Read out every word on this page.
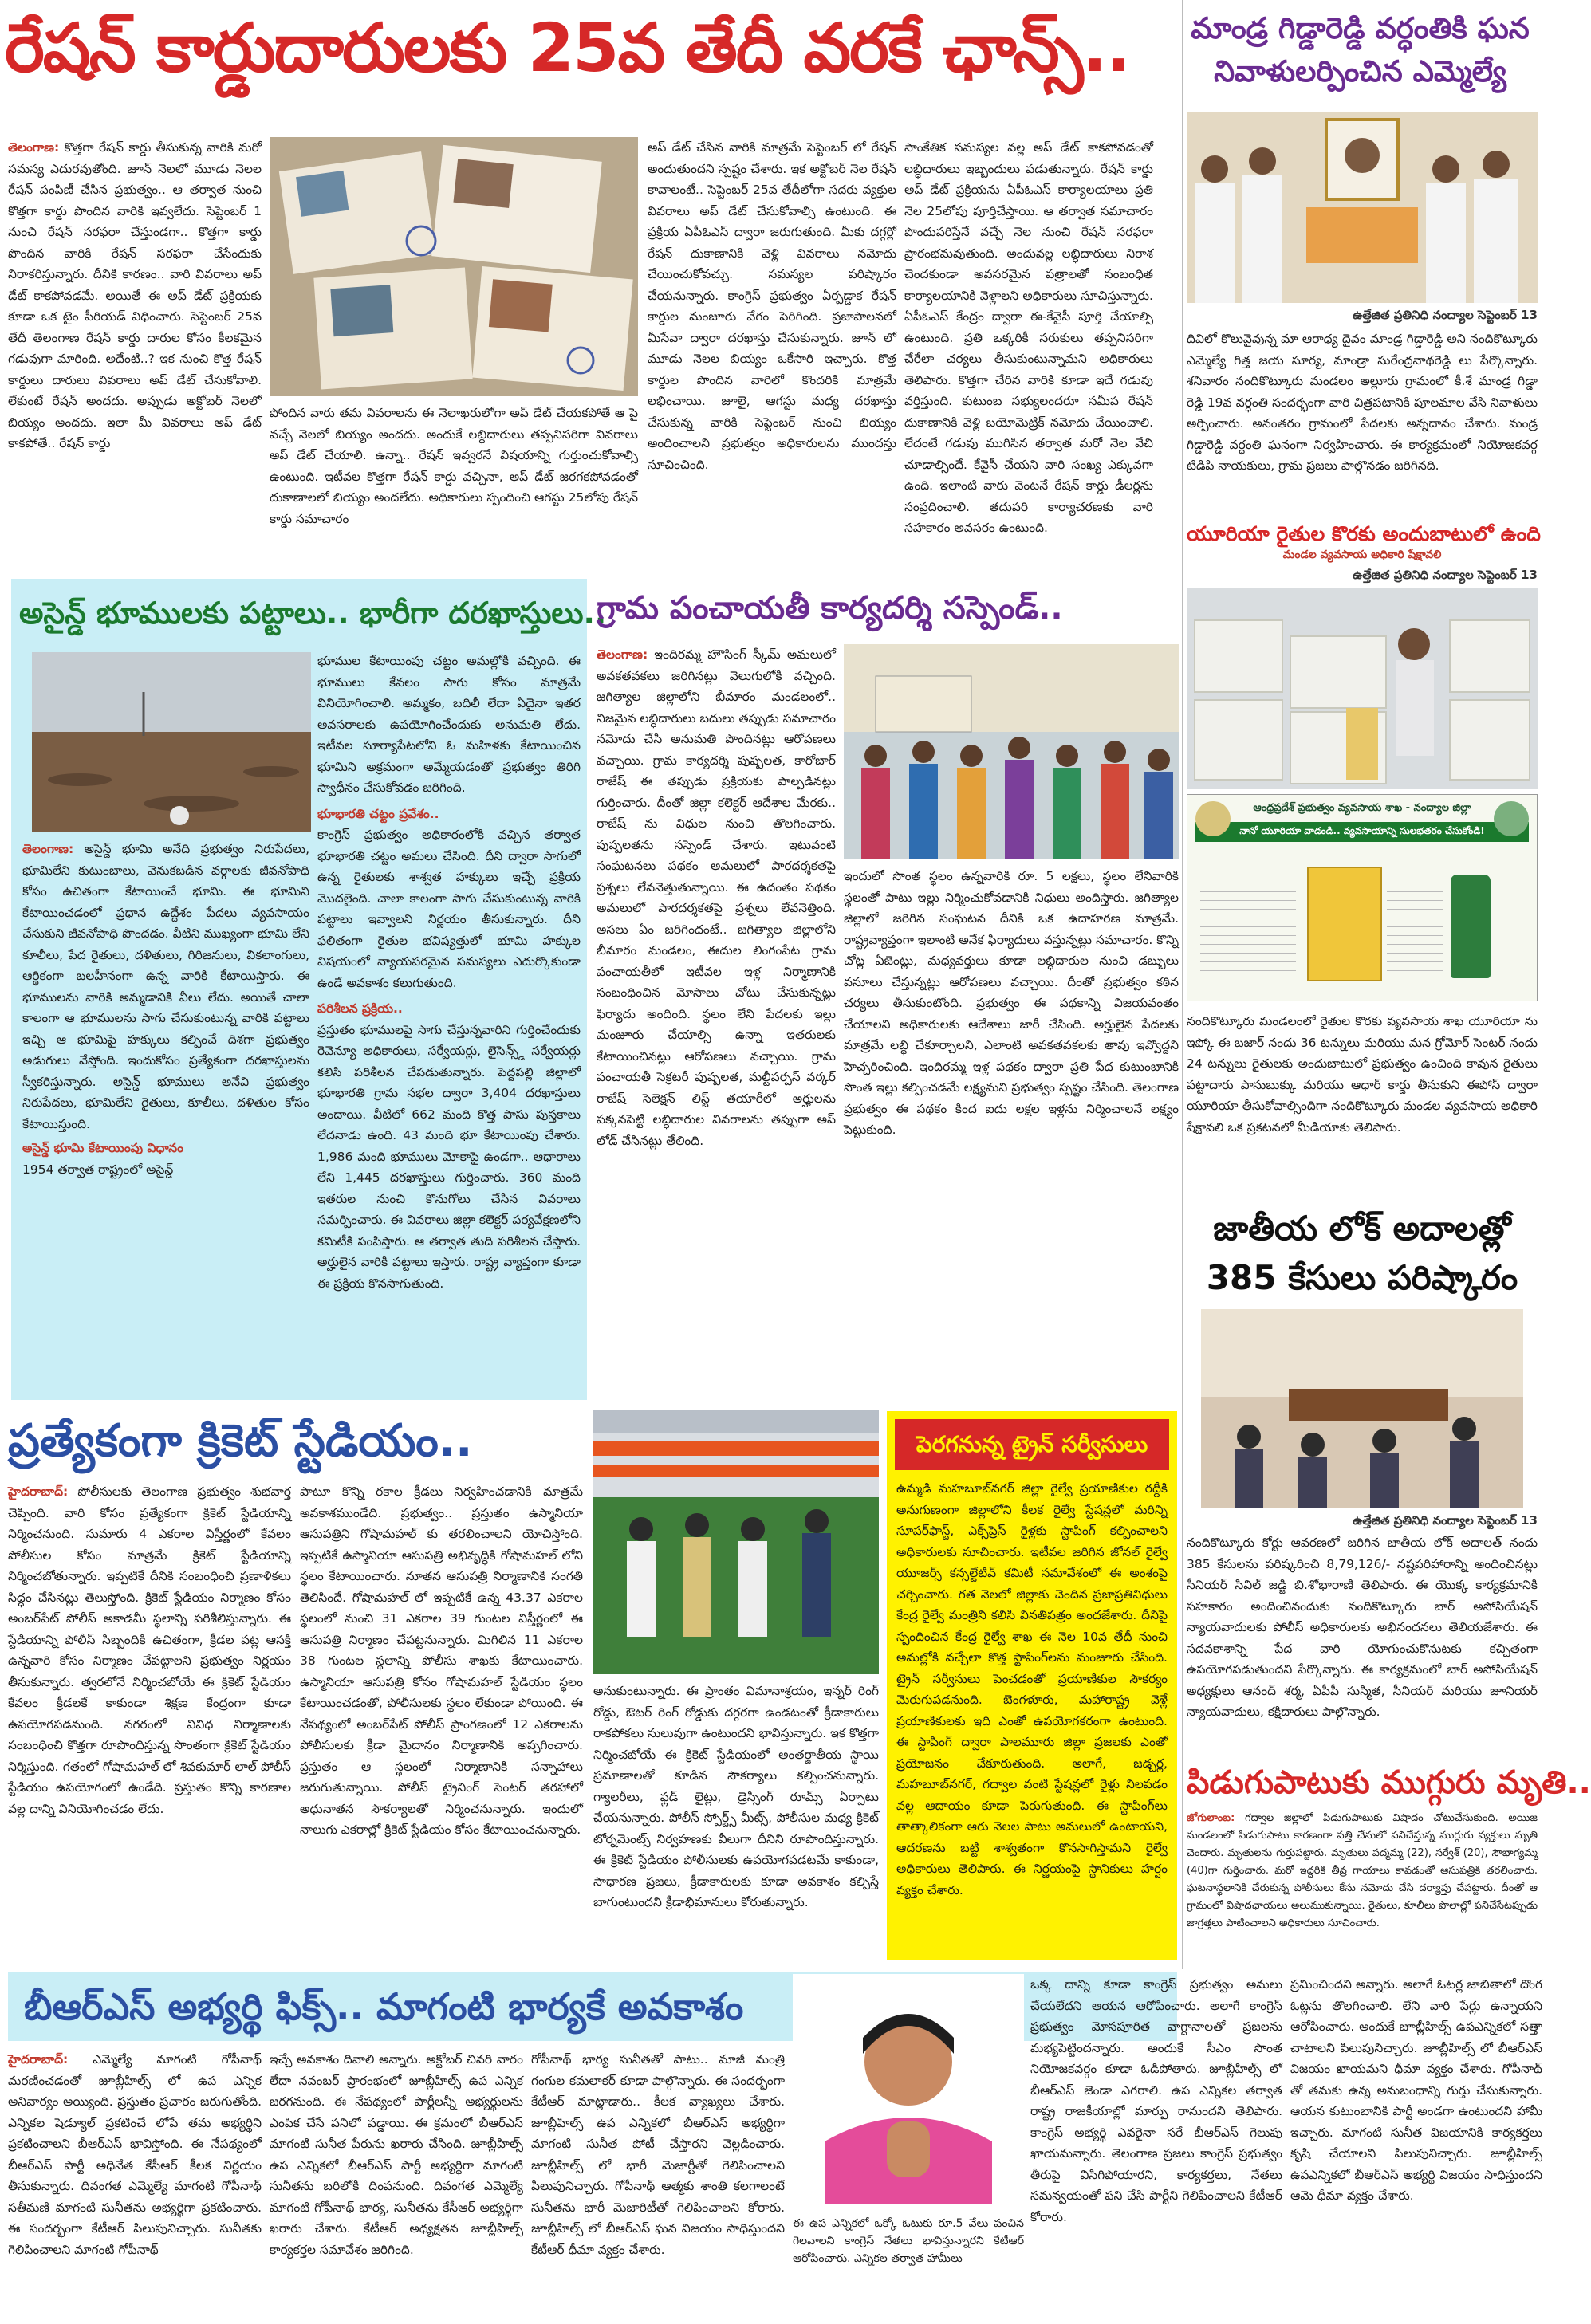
రేషన్ కార్డుదారులకు 25వ తేదీ వరకే ఛాన్స్..
తెలంగాణ: కొత్తగా రేషన్ కార్డు తీసుకున్న వారికి మరో సమస్య ఎదురవుతోంది. జూన్ నెలలో మూడు నెలల రేషన్ పంపిణీ చేసిన ప్రభుత్వం.. ఆ తర్వాత నుంచి కొత్తగా కార్డు పొందిన వారికి ఇవ్వలేదు. సెప్టెంబర్ 1 నుంచి రేషన్ సరఫరా చేస్తుండగా.. కొత్తగా కార్డు పొందిన వారికి రేషన్ సరఫరా చేసేందుకు నిరాకరిస్తున్నారు. దీనికి కారణం.. వారి వివరాలు అప్ డేట్ కాకపోవడమే. అయితే ఈ అప్ డేట్ ప్రక్రియకు కూడా ఒక టైం పీరియడ్ విధించారు. సెప్టెంబర్ 25వ తేదీ తెలంగాణ రేషన్ కార్డు దారుల కోసం కీలకమైన గడువుగా మారింది. అదేంటి..? ఇక నుంచి కొత్త రేషన్ కార్డులు దారులు వివరాలు అప్ డేట్ చేసుకోవాలి. లేకుంటే రేషన్ అందదు. అప్పుడు అక్టోబర్ నెలలో బియ్యం అందదు. ఇలా మీ వివరాలు అప్ డేట్ కాకపోతే.. రేషన్ కార్డు
పోందిన వారు తమ వివరాలను ఈ నెలాఖరులోగా అప్ డేట్ చేయకపోతే ఆ పై వచ్చే నెలలో బియ్యం అందదు. అందుకే లబ్ధిదారులు తప్పనిసరిగా వివరాలు అప్ డేట్ చేయాలి. ఉన్నా.. రేషన్ ఇవ్వరనే విషయాన్ని గుర్తుంచుకోవాల్సి ఉంటుంది. ఇటీవల కొత్తగా రేషన్ కార్డు వచ్చినా, అప్ డేట్ జరగకపోవడంతో దుకాణాలలో బియ్యం అందలేదు. అధికారులు స్పందించి ఆగస్టు 25లోపు రేషన్ కార్డు సమాచారం
అప్ డేట్ చేసిన వారికి మాత్రమే సెప్టెంబర్ లో రేషన్ అందుతుందని స్పష్టం చేశారు. ఇక అక్టోబర్ నెల రేషన్ కావాలంటే.. సెప్టెంబర్ 25వ తేదీలోగా సదరు వ్యక్తుల వివరాలు అప్ డేట్ చేసుకోవాల్సి ఉంటుంది. ఈ ప్రక్రియ ఏపీఓఎస్ ద్వారా జరుగుతుంది. మీకు దగ్గర్లో రేషన్ దుకాణానికి వెళ్లి వివరాలు నమోదు చేయించుకోవచ్చు. సమస్యల పరిష్కారం చేయనున్నారు. కాంగ్రెస్ ప్రభుత్వం ఏర్పడ్డాక రేషన్ కార్డుల మంజూరు వేగం పెరిగింది. ప్రజాపాలనలో మీసేవా ద్వారా దరఖాస్తు చేసుకున్నారు. జూన్ లో మూడు నెలల బియ్యం ఒకేసారి ఇచ్చారు. కొత్త కార్డుల పొందిన వారిలో కొందరికి మాత్రమే లభించాయి. జూలై, ఆగస్టు మధ్య దరఖాస్తు చేసుకున్న వారికి సెప్టెంబర్ నుంచి బియ్యం అందించాలని ప్రభుత్వం అధికారులను ముందస్తు సూచించింది.
సాంకేతిక సమస్యల వల్ల అప్ డేట్ కాకపోవడంతో లబ్ధిదారులు ఇబ్బందులు పడుతున్నారు. రేషన్ కార్డు అప్ డేట్ ప్రక్రియను ఏపీఓఎస్ కార్యాలయాలు ప్రతి నెల 25లోపు పూర్తిచేస్తాయి. ఆ తర్వాత సమాచారం పొందుపరిస్తేనే వచ్చే నెల నుంచి రేషన్ సరఫరా ప్రారంభమవుతుంది. అందువల్ల లబ్ధిదారులు నిరాశ చెందకుండా అవసరమైన పత్రాలతో సంబంధిత కార్యాలయానికి వెళ్లాలని అధికారులు సూచిస్తున్నారు. ఏపీఓఎస్ కేంద్రం ద్వారా ఈ-కేవైసీ పూర్తి చేయాల్సి ఉంటుంది. ప్రతి ఒక్కరికీ సరుకులు తప్పనిసరిగా చేరేలా చర్యలు తీసుకుంటున్నామని అధికారులు తెలిపారు. కొత్తగా చేరిన వారికి కూడా ఇదే గడువు వర్తిస్తుంది. కుటుంబ సభ్యులందరూ సమీప రేషన్ దుకాణానికి వెళ్లి బయోమెట్రిక్ నమోదు చేయించాలి. లేదంటే గడువు ముగిసిన తర్వాత మరో నెల వేచి చూడాల్సిందే. కేవైసీ చేయని వారి సంఖ్య ఎక్కువగా ఉంది. ఇలాంటి వారు వెంటనే రేషన్ కార్డు డీలర్లను సంప్రదించాలి. తదుపరి కార్యాచరణకు వారి సహకారం అవసరం ఉంటుంది.
మాండ్ర గిడ్డారెడ్డి వర్ధంతికి ఘన
నివాళులర్పించిన ఎమ్మెల్యే
ఉత్తేజిత ప్రతినిధి నంద్యాల సెప్టెంబర్ 13
దివిలో కొలువైవున్న మా ఆరాధ్య దైవం మాండ్ర గిడ్డారెడ్డి అని నందికొట్కూరు ఎమ్మెల్యే గిత్త జయ సూర్య, మాండ్రా సురేంద్రనాథరెడ్డి లు పేర్కొన్నారు. శనివారం నందికొట్కూరు మండలం అల్లూరు గ్రామంలో కీ.శే మాండ్ర గిడ్డా రెడ్డి 19వ వర్ధంతి సందర్భంగా వారి చిత్రపటానికి పూలమాల వేసి నివాళులు అర్పించారు. అనంతరం గ్రామంలో పేదలకు అన్నదానం చేశారు. మండ్ర గిడ్డారెడ్డి వర్ధంతి ఘనంగా నిర్వహించారు. ఈ కార్యక్రమంలో నియోజకవర్గ టిడిపి నాయకులు, గ్రామ ప్రజలు పాల్గొనడం జరిగినది.
యూరియా రైతుల కొరకు అందుబాటులో ఉంది
మండల వ్యవసాయ అధికారి షేక్షావలి
ఉత్తేజిత ప్రతినిధి నంద్యాల సెప్టెంబర్ 13
ఆంధ్రప్రదేశ్ ప్రభుత్వం వ్యవసాయ శాఖ - నంద్యాల జిల్లా
నానో యూరియా వాడండి.. వ్యవసాయాన్ని సులభతరం చేసుకోండి!
నందికొట్కూరు మండలంలో రైతుల కొరకు వ్యవసాయ శాఖ యూరియా ను ఇఫ్కో ఈ బజార్ నందు 36 టన్నులు మరియు మన గ్రోమోర్ సెంటర్ నందు 24 టన్నులు రైతులకు అందుబాటులో ప్రభుత్వం ఉంచింది కావున రైతులు పట్టాదారు పాసుబుక్కు మరియు ఆధార్ కార్డు తీసుకుని ఈపోస్ ద్వారా యూరియా తీసుకోవాల్సిందిగా నందికొట్కూరు మండల వ్యవసాయ అధికారి షేక్షావలి ఒక ప్రకటనలో మీడియాకు తెలిపారు.
జాతీయ లోక్ అదాలత్లో
385 కేసులు పరిష్కారం
ఉత్తేజిత ప్రతినిధి నంద్యాల సెప్టెంబర్ 13
నందికొట్కూరు కోర్టు ఆవరణలో జరిగిన జాతీయ లోక్ అదాలత్ నందు 385 కేసులను పరిష్కరించి 8,79,126/- నష్టపరిహారాన్ని అందించినట్లు సీనియర్ సివిల్ జడ్జి బి.శోభారాణి తెలిపారు. ఈ యొక్క కార్యక్రమానికి సహకారం అందించినందుకు నందికొట్కూరు బార్ అసోసియేషన్ న్యాయవాదులకు పోలీస్ అధికారులకు అభినందనలు తెలియజేశారు. ఈ సదవకాశాన్ని పేద వారి యోగుంచుకొనుటకు కచ్చితంగా ఉపయోగపడుతుందని పేర్కొన్నారు. ఈ కార్యక్రమంలో బార్ అసోసియేషన్ అధ్యక్షులు ఆనంద్ శర్మ, ఏపీపీ సుస్మిత, సీనియర్ మరియు జూనియర్ న్యాయవాదులు, కక్షిదారులు పాల్గొన్నారు.
పిడుగుపాటుకు ముగ్గురు మృతి..
జోగులాంబ: గద్వాల జిల్లాలో పిడుగుపాటుకు విషాదం చోటుచేసుకుంది. అయిజ మండలంలో పిడుగుపాటు కారణంగా పత్తి చేనులో పనిచేస్తున్న ముగ్గురు వ్యక్తులు మృతి చెందారు. మృతులను గుర్తుపట్టారు. మృతులు పద్మమ్మ (22), సర్వేశ్ (20), సౌభాగ్యమ్మ (40)గా గుర్తించారు. మరో ఇద్దరికి తీవ్ర గాయాలు కావడంతో ఆసుపత్రికి తరలించారు. ఘటనాస్థలానికి చేరుకున్న పోలీసులు కేసు నమోదు చేసి దర్యాప్తు చేపట్టారు. దీంతో ఆ గ్రామంలో విషాదఛాయలు అలుముకున్నాయి. రైతులు, కూలీలు పొలాల్లో పనిచేసేటప్పుడు జాగ్రత్తలు పాటించాలని అధికారులు సూచించారు.
అసైన్డ్ భూములకు పట్టాలు.. భారీగా దరఖాస్తులు..
తెలంగాణ: అసైన్డ్ భూమి అనేది ప్రభుత్వం నిరుపేదలు, భూమిలేని కుటుంబాలు, వెనుకబడిన వర్గాలకు జీవనోపాధి కోసం ఉచితంగా కేటాయించే భూమి. ఈ భూమిని కేటాయించడంలో ప్రధాన ఉద్దేశం పేదలు వ్యవసాయం చేసుకుని జీవనోపాధి పొందడం. వీటిని ముఖ్యంగా భూమి లేని కూలీలు, పేద రైతులు, దళితులు, గిరిజనులు, వికలాంగులు, ఆర్థికంగా బలహీనంగా ఉన్న వారికి కేటాయిస్తారు. ఈ భూములను వారికి అమ్మడానికి వీలు లేదు. అయితే చాలా కాలంగా ఆ భూములను సాగు చేసుకుంటున్న వారికి పట్టాలు ఇచ్చి ఆ భూమిపై హక్కులు కల్పించే దిశగా ప్రభుత్వం అడుగులు వేస్తోంది. ఇందుకోసం ప్రత్యేకంగా దరఖాస్తులను స్వీకరిస్తున్నారు. అసైన్డ్ భూములు అనేవి ప్రభుత్వం నిరుపేదలు, భూమిలేని రైతులు, కూలీలు, దళితుల కోసం కేటాయిస్తుంది.
అసైన్డ్ భూమి కేటాయింపు విధానం
1954 తర్వాత రాష్ట్రంలో అసైన్డ్

భూముల కేటాయింపు చట్టం అమల్లోకి వచ్చింది. ఈ భూములు కేవలం సాగు కోసం మాత్రమే వినియోగించాలి. అమ్మకం, బదిలీ లేదా ఏదైనా ఇతర అవసరాలకు ఉపయోగించేందుకు అనుమతి లేదు. ఇటీవల సూర్యాపేటలోని ఓ మహిళకు కేటాయించిన భూమిని అక్రమంగా అమ్మేయడంతో ప్రభుత్వం తిరిగి స్వాధీనం చేసుకోవడం జరిగింది.

భూభారతి చట్టం ప్రవేశం..

కాంగ్రెస్ ప్రభుత్వం అధికారంలోకి వచ్చిన తర్వాత భూభారతి చట్టం అమలు చేసింది. దీని ద్వారా సాగులో ఉన్న రైతులకు శాశ్వత హక్కులు ఇచ్చే ప్రక్రియ మొదలైంది. చాలా కాలంగా సాగు చేసుకుంటున్న వారికి పట్టాలు ఇవ్వాలని నిర్ణయం తీసుకున్నారు. దీని ఫలితంగా రైతుల భవిష్యత్తులో భూమి హక్కుల విషయంలో న్యాయపరమైన సమస్యలు ఎదుర్కొకుండా ఉండే అవకాశం కలుగుతుంది.

పరిశీలన ప్రక్రియ..

ప్రస్తుతం భూములపై సాగు చేస్తున్నవారిని గుర్తించేందుకు రెవెన్యూ అధికారులు, సర్వేయర్లు, లైసెన్స్డ్ సర్వేయర్లు కలిసి పరిశీలన చేపడుతున్నారు. పెద్దపల్లి జిల్లాలో భూభారతి గ్రామ సభల ద్వారా 3,404 దరఖాస్తులు అందాయి. వీటిలో 662 మంది కొత్త పాసు పుస్తకాలు లేదనాడు ఉంది. 43 మంది భూ కేటాయింపు చేశారు. 1,986 మంది భూములు మోకాపై ఉండగా.. ఆధారాలు లేని 1,445 దరఖాస్తులు గుర్తించారు. 360 మంది ఇతరుల నుంచి కొనుగోలు చేసిన వివరాలు సమర్పించారు. ఈ వివరాలు జిల్లా కలెక్టర్ పర్యవేక్షణలోని కమిటీకి పంపిస్తారు. ఆ తర్వాత తుది పరిశీలన చేస్తారు. అర్హులైన వారికి పట్టాలు ఇస్తారు. రాష్ట్ర వ్యాప్తంగా కూడా ఈ ప్రక్రియ కొనసాగుతుంది.

గ్రామ పంచాయతీ కార్యదర్శి సస్పెండ్..
తెలంగాణ: ఇందిరమ్మ హౌసింగ్ స్కీమ్ అమలులో అవకతవకలు జరిగినట్లు వెలుగులోకి వచ్చింది. జగిత్యాల జిల్లాలోని బీమారం మండలంలో.. నిజమైన లబ్ధిదారులు బదులు తప్పుడు సమాచారం నమోదు చేసి అనుమతి పొందినట్లు ఆరోపణలు వచ్చాయి. గ్రామ కార్యదర్శి పుష్పలత, కారోబార్ రాజేష్ ఈ తప్పుడు ప్రక్రియకు పాల్పడినట్లు గుర్తించారు. దీంతో జిల్లా కలెక్టర్ ఆదేశాల మేరకు.. రాజేష్ ను విధుల నుంచి తొలగించారు. పుష్పలతను సస్పెండ్ చేశారు. ఇటువంటి సంఘటనలు పథకం అమలులో పారదర్శకతపై ప్రశ్నలు లేవనెత్తుతున్నాయి. ఈ ఉదంతం పథకం అమలులో పారదర్శకతపై ప్రశ్నలు లేవనెత్తింది. అసలు ఏం జరిగిందంటే.. జగిత్యాల జిల్లాలోని బీమారం మండలం, ఈదుల లింగంపేట గ్రామ పంచాయతీలో ఇటీవల ఇళ్ల నిర్మాణానికి సంబంధించిన మోసాలు చోటు చేసుకున్నట్లు ఫిర్యాదు అందింది. స్థలం లేని పేదలకు ఇల్లు మంజూరు చేయాల్సి ఉన్నా ఇతరులకు కేటాయించినట్లు ఆరోపణలు వచ్చాయి. గ్రామ పంచాయతీ సెక్రటరీ పుష్పలత, మల్టీపర్పస్ వర్కర్ రాజేష్ సెలెక్షన్ లిస్ట్ తయారీలో అర్హులను పక్కనపెట్టి లబ్ధిదారుల వివరాలను తప్పుగా అప్ లోడ్ చేసినట్లు తేలింది.
ఇందులో సొంత స్థలం ఉన్నవారికి రూ. 5 లక్షలు, స్థలం లేనివారికి స్థలంతో పాటు ఇల్లు నిర్మించుకోవడానికి నిధులు అందిస్తారు. జగిత్యాల జిల్లాలో జరిగిన సంఘటన దీనికి ఒక ఉదాహరణ మాత్రమే. రాష్ట్రవ్యాప్తంగా ఇలాంటి అనేక ఫిర్యాదులు వస్తున్నట్లు సమాచారం. కొన్ని చోట్ల ఏజెంట్లు, మధ్యవర్తులు కూడా లబ్ధిదారుల నుంచి డబ్బులు వసూలు చేస్తున్నట్లు ఆరోపణలు వచ్చాయి. దీంతో ప్రభుత్వం కఠిన చర్యలు తీసుకుంటోంది. ప్రభుత్వం ఈ పథకాన్ని విజయవంతం చేయాలని అధికారులకు ఆదేశాలు జారీ చేసింది. అర్హులైన పేదలకు మాత్రమే లబ్ధి చేకూర్చాలని, ఎలాంటి అవకతవకలకు తావు ఇవ్వొద్దని హెచ్చరించింది. ఇందిరమ్మ ఇళ్ల పథకం ద్వారా ప్రతి పేద కుటుంబానికి సొంత ఇల్లు కల్పించడమే లక్ష్యమని ప్రభుత్వం స్పష్టం చేసింది. తెలంగాణ ప్రభుత్వం ఈ పథకం కింద ఐదు లక్షల ఇళ్లను నిర్మించాలనే లక్ష్యం పెట్టుకుంది.
ప్రత్యేకంగా క్రికెట్ స్టేడియం..
హైదరాబాద్: పోలీసులకు తెలంగాణ ప్రభుత్వం శుభవార్త చెప్పింది. వారి కోసం ప్రత్యేకంగా క్రికెట్ స్టేడియాన్ని నిర్మించనుంది. సుమారు 4 ఎకరాల విస్తీర్ణంలో కేవలం పోలీసుల కోసం మాత్రమే క్రికెట్ స్టేడియాన్ని నిర్మించబోతున్నారు. ఇప్పటికే దీనికి సంబంధించి ప్రణాళికలు సిద్ధం చేసినట్లు తెలుస్తోంది. క్రికెట్ స్టేడియం నిర్మాణం కోసం అంబర్‌పేట్ పోలీస్ అకాడమీ స్థలాన్ని పరిశీలిస్తున్నారు. ఈ స్టేడియాన్ని పోలీస్ సిబ్బందికి ఉచితంగా, క్రీడల పట్ల ఆసక్తి ఉన్నవారి కోసం నిర్మాణం చేపట్టాలని ప్రభుత్వం నిర్ణయం తీసుకున్నారు. త్వరలోనే నిర్మించబోయే ఈ క్రికెట్ స్టేడియం కేవలం క్రీడలకే కాకుండా శిక్షణ కేంద్రంగా కూడా ఉపయోగపడనుంది. నగరంలో వివిధ నిర్మాణాలకు సంబంధించి కొత్తగా రూపొందిస్తున్న సొంతంగా క్రికెట్ స్టేడియం నిర్మిస్తుంది. గతంలో గోషామహల్ లో శివకుమార్ లాల్ పోలీస్ స్టేడియం ఉపయోగంలో ఉండేది. ప్రస్తుతం కొన్ని కారణాల వల్ల దాన్ని వినియోగించడం లేదు.
పాటూ కొన్ని రకాల క్రీడలు నిర్వహించడానికి మాత్రమే అవకాశముండేది. ప్రభుత్వం.. ప్రస్తుతం ఉస్మానియా ఆసుపత్రిని గోషామహల్ కు తరలించాలని యోచిస్తోంది. ఇప్పటికే ఉస్మానియా ఆసుపత్రి అభివృద్ధికి గోషామహల్ లోని స్థలం కేటాయించారు. నూతన ఆసుపత్రి నిర్మాణానికి సంగతి తెలిసిందే. గోషామహల్ లో ఇప్పటికే ఉన్న 43.37 ఎకరాల స్థలంలో నుంచి 31 ఎకరాల 39 గుంటల విస్తీర్ణంలో ఈ ఆసుపత్రి నిర్మాణం చేపట్టనున్నారు. మిగిలిన 11 ఎకరాల 38 గుంటల స్థలాన్ని పోలీసు శాఖకు కేటాయించారు. ఉస్మానియా ఆసుపత్రి కోసం గోషామహల్ స్టేడియం స్థలం కేటాయించడంతో, పోలీసులకు స్థలం లేకుండా పోయింది. ఈ నేపథ్యంలో అంబర్‌పేట్ పోలీస్ ప్రాంగణంలో 12 ఎకరాలను పోలీసులకు క్రీడా మైదానం నిర్మాణానికి అప్పగించారు. ప్రస్తుతం ఆ స్థలంలో నిర్మాణానికి సన్నాహాలు జరుగుతున్నాయి. పోలీస్ ట్రైనింగ్ సెంటర్ తరహాలో అధునాతన సౌకర్యాలతో నిర్మించనున్నారు. ఇందులో నాలుగు ఎకరాల్లో క్రికెట్ స్టేడియం కోసం కేటాయించనున్నారు.
అనుకుంటున్నారు. ఈ ప్రాంతం విమానాశ్రయం, ఇన్నర్ రింగ్ రోడ్డు, ఔటర్ రింగ్ రోడ్డుకు దగ్గరగా ఉండటంతో క్రీడాకారులు రాకపోకలు సులువుగా ఉంటుందని భావిస్తున్నారు. ఇక కొత్తగా నిర్మించబోయే ఈ క్రికెట్ స్టేడియంలో అంతర్జాతీయ స్థాయి ప్రమాణాలతో కూడిన సౌకర్యాలు కల్పించనున్నారు. గ్యాలరీలు, ఫ్లడ్ లైట్లు, డ్రెస్సింగ్ రూమ్స్ ఏర్పాటు చేయనున్నారు. పోలీస్ స్పోర్ట్స్ మీట్స్, పోలీసుల మధ్య క్రికెట్ టోర్నమెంట్స్ నిర్వహణకు వీలుగా దీనిని రూపొందిస్తున్నారు. ఈ క్రికెట్ స్టేడియం పోలీసులకు ఉపయోగపడటమే కాకుండా, సాధారణ ప్రజలు, క్రీడాకారులకు కూడా అవకాశం కల్పిస్తే బాగుంటుందని క్రీడాభిమానులు కోరుతున్నారు.
పెరగనున్న ట్రైన్ సర్వీసులు
ఉమ్మడి మహబూబ్‌నగర్ జిల్లా రైల్వే ప్రయాణికుల రద్దీకి అనుగుణంగా జిల్లాలోని కీలక రైల్వే స్టేషన్లలో మరిన్ని సూపర్‌ఫాస్ట్, ఎక్స్‌ప్రెస్ రైళ్లకు స్టాపింగ్ కల్పించాలని అధికారులకు సూచించారు. ఇటీవల జరిగిన జోనల్ రైల్వే యూజర్స్ కన్సల్టేటివ్ కమిటీ సమావేశంలో ఈ అంశంపై చర్చించారు. గత నెలలో జిల్లాకు చెందిన ప్రజాప్రతినిధులు కేంద్ర రైల్వే మంత్రిని కలిసి వినతిపత్రం అందజేశారు. దీనిపై స్పందించిన కేంద్ర రైల్వే శాఖ ఈ నెల 10వ తేదీ నుంచి అమల్లోకి వచ్చేలా కొత్త స్టాపింగ్‌లను మంజూరు చేసింది. ట్రైన్ సర్వీసులు పెంచడంతో ప్రయాణికుల సౌకర్యం మెరుగుపడనుంది. బెంగళూరు, మహారాష్ట్ర వెళ్లే ప్రయాణికులకు ఇది ఎంతో ఉపయోగకరంగా ఉంటుంది. ఈ స్టాపింగ్ ద్వారా పాలమూరు జిల్లా ప్రజలకు ఎంతో ప్రయోజనం చేకూరుతుంది. అలాగే, జడ్చర్ల, మహబూబ్‌నగర్, గద్వాల వంటి స్టేషన్లలో రైళ్లు నిలపడం వల్ల ఆదాయం కూడా పెరుగుతుంది. ఈ స్టాపింగ్‌లు తాత్కాలికంగా ఆరు నెలల పాటు అమలులో ఉంటాయని, ఆదరణను బట్టి శాశ్వతంగా కొనసాగిస్తామని రైల్వే అధికారులు తెలిపారు. ఈ నిర్ణయంపై స్థానికులు హర్షం వ్యక్తం చేశారు.
బీఆర్ఎస్ అభ్యర్థి ఫిక్స్.. మాగంటి భార్యకే అవకాశం
హైదరాబాద్: ఎమ్మెల్యే మాగంటి గోపీనాథ్ మరణించడంతో జూబ్లీహిల్స్ లో ఉప ఎన్నిక అనివార్యం అయ్యింది. ప్రస్తుతం ప్రచారం జరుగుతోంది. ఎన్నికల షెడ్యూల్ ప్రకటించే లోపే తమ అభ్యర్థిని ప్రకటించాలని బీఆర్ఎస్ భావిస్తోంది. ఈ నేపథ్యంలో బీఆర్ఎస్ పార్టీ అధినేత కేసీఆర్ కీలక నిర్ణయం తీసుకున్నారు. దివంగత ఎమ్మెల్యే మాగంటి గోపీనాథ్ సతీమణి మాగంటి సునీతను అభ్యర్థిగా ప్రకటించారు. ఈ సందర్భంగా కేటీఆర్ పిలుపునిచ్చారు. సునీతకు గెలిపించాలని మాగంటి గోపీనాథ్
ఇచ్చే అవకాశం దివాలి అన్నారు. అక్టోబర్ చివరి వారం లేదా నవంబర్ ప్రారంభంలో జూబ్లీహిల్స్ ఉప ఎన్నిక జరగనుంది. ఈ నేపథ్యంలో పార్టీలన్నీ అభ్యర్థులను ఎంపిక చేసే పనిలో పడ్డాయి. ఈ క్రమంలో బీఆర్ఎస్ మాగంటి సునీత పేరును ఖరారు చేసింది. జూబ్లీహిల్స్ ఉప ఎన్నికలో బీఆర్ఎస్ పార్టీ అభ్యర్థిగా మాగంటి సునీతను బరిలోకి దింపనుంది. దివంగత ఎమ్మెల్యే మాగంటి గోపీనాథ్ భార్య, సునీతను కేసీఆర్ అభ్యర్థిగా ఖరారు చేశారు. కేటీఆర్ అధ్యక్షతన జూబ్లీహిల్స్ కార్యకర్తల సమావేశం జరిగింది.
గోపీనాథ్ భార్య సునీతతో పాటు.. మాజీ మంత్రి గంగుల కమలాకర్ కూడా పాల్గొన్నారు. ఈ సందర్భంగా కేటీఆర్ మాట్లాడారు.. కీలక వ్యాఖ్యలు చేశారు. జూబ్లీహిల్స్ ఉప ఎన్నికలో బీఆర్ఎస్ అభ్యర్థిగా మాగంటి సునీత పోటీ చేస్తారని వెల్లడించారు. జూబ్లీహిల్స్ లో భారీ మెజార్టీతో గెలిపించాలని పిలుపునిచ్చారు. గోపీనాథ్ ఆత్మకు శాంతి కలగాలంటే సునీతను భారీ మెజారిటీతో గెలిపించాలని కోరారు. జూబ్లీహిల్స్ లో బీఆర్ఎస్ ఘన విజయం సాధిస్తుందని కేటీఆర్ ధీమా వ్యక్తం చేశారు.
ఈ ఉప ఎన్నికలో ఒక్కో ఓటుకు రూ.5 వేలు పంచిన గెలవాలని కాంగ్రెస్ నేతలు భావిస్తున్నారని కేటీఆర్ ఆరోపించారు. ఎన్నికల తర్వాత హామీలు
ఒక్క దాన్ని కూడా కాంగ్రెస్ ప్రభుత్వం అమలు చేయలేదని ఆయన ఆరోపించారు. అలాగే కాంగ్రెస్ ప్రభుత్వం మోసపూరిత వాగ్దానాలతో ప్రజలను మభ్యపెట్టిందన్నారు. అందుకే సీఎం సొంత నియోజకవర్గం కూడా ఓడిపోతారు. జూబ్లీహిల్స్ లో బీఆర్ఎస్ జెండా ఎగరాలి. ఉప ఎన్నికల తర్వాత రాష్ట్ర రాజకీయాల్లో మార్పు రానుందని తెలిపారు. కాంగ్రెస్ అభ్యర్థి ఎవరైనా సరే బీఆర్ఎస్ గెలుపు ఖాయమన్నారు. తెలంగాణ ప్రజలు కాంగ్రెస్ ప్రభుత్వం తీరుపై విసిగిపోయారని, కార్యకర్తలు, నేతలు సమన్వయంతో పని చేసి పార్టీని గెలిపించాలని కేటీఆర్ కోరారు.
ప్రమించిందని అన్నారు. అలాగే ఓటర్ల జాబితాలో దొంగ ఓట్లను తొలగించాలి. లేని వారి పేర్లు ఉన్నాయని ఆరోపించారు. అందుకే జూబ్లీహిల్స్ ఉపఎన్నికలో సత్తా చాటాలని పిలుపునిచ్చారు. జూబ్లీహిల్స్ లో బీఆర్ఎస్ విజయం ఖాయమని ధీమా వ్యక్తం చేశారు. గోపీనాథ్ తో తమకు ఉన్న అనుబంధాన్ని గుర్తు చేసుకున్నారు. ఆయన కుటుంబానికి పార్టీ అండగా ఉంటుందని హామీ ఇచ్చారు. మాగంటి సునీత విజయానికి కార్యకర్తలు కృషి చేయాలని పిలుపునిచ్చారు. జూబ్లీహిల్స్ ఉపఎన్నికలో బీఆర్ఎస్ అభ్యర్థి విజయం సాధిస్తుందని ఆమె ధీమా వ్యక్తం చేశారు.
